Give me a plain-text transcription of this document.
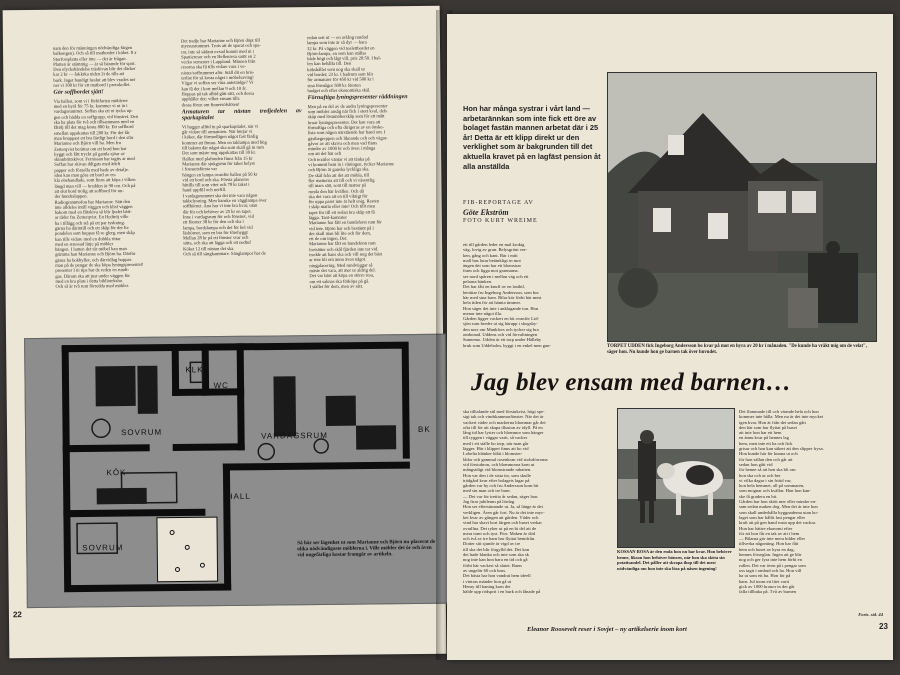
nam den för männingen nödvändiga färgen
balkongen). Och så till matbordet i köket. 8 x
Storforsplatta eller inte — det är frågan.
Platten är stämmig — är så bärande för sprit.
Den olyckshändelse träskivan blir det däcker
kar 2 kr — åskkrka niden 2t de tills att
burk. Inget handigt beslut att blev vrades ner
ner vi 300 kr för ett matbord i protokollet.
Gör soffbordet sjätt!
Via hallen, som vi i förbifarten möblerer
med en byrå för 75 kr, kommer vi ut in i
vardagsrummet. Soffan ska ett ni tycka up-
gen och bädda en soffgrupp, vid fönstret. Den
ska ha plats för två och tillsammans med en
fåtölj till det mag kosta 800 kr. Ett soffbord
emellan uppskattas till 200 kr. För det får
man knappast ett bra färdigt bord i den sfär
Marianne och Björn vill ha. Men fru
Zetterqvist berättar om ett bord hon har
byggt och fått tryckt på gamla sjöar av
skinnbrittskivor. Fernissan har tagits ar med
Soffan har skivan ddigats med ädelt
papper och förzolla med hade av detalje.
iden kan man göra ett bord av en-
kla obehandlade, som finns att köpa i vilken
längd man vill — bredden är 90 cm. Och på
att slut bord trolig att soffbord för un-
der hundralappen.
Radiogrammofon har Marianne. Sätt den
inte alldeles intill väggen och klisf väggen
bakom med en flitskiva så blir ljudet bätt-
ar råder fru Zetterqvist. En Hedtröj ville
ha i tillägg och stå på ett par tyskning.
gärna ha därintill och ett skåp för det fu-
pondelen som hoppas få se glerg, men skåp
kan tills vidare med en dubbla rittar
med en stressad linje på möbler
hängen. I lamen det tär möbel kan man
grimma han Marianne och Björn ha. Därför
gärna ha bokhyllor, och därvidlag hoppas
man på de pengar de ska köpa lyningspresentet!
presenter I ni tips har de reden en rundt-
gas. Därom ska att just under väggen för
med en bra plats i detta biblioteksbo.
Och så är två rum förredda med möbler.
Det tradje har Marianne och Björn döpt till
myrsunrummet. Trots att de sparat och spa-
rar, inte så sådant ovsad hunnit med ni i
Spanieresor och en Hellenresa samt en 2
vecko semester i Lappland. Minnen från
resorna ska få tills vidare vara i ve-
nister/soffrummet aför. Ställ dit en bris-
terlist för så kosta någet i möbelsaving!
Vägar vi soffan ser våra anteträdge? Vi
kan få det i kort mellan 9 och 10 år.
Hoppas på tak alltid gått sätt, och dessa
upphåller det; vilket ensam tills
dessa fören om finnersöfslöten!
Armaturen tar nästan tredjedelen av sparkapitalet
Vi hugger alltid in på sparkapitalet, när vi
går vidare till armaturen. När börjar vi
i köket, där förmodligen något fast färdig
kommer att finnas. Men en taklampa med hög
till bakom där något ska som skall gå in rum
Det som mäste nog uppskattas till 30 kr.
Hallen med plafonden finns från 15 kr
Marianne där sjukgymn för taket belyst
i fosnsetsförsta var
hängen en lampa ovanför hallen på 50 kr
vid ett bord och ska. Första planeras
hittills till som vitet och 78 kr taket i
hand uppfill och nerfill.
I vardagsrummet ska det inte vara någon
takbelysning. Men kanske en vägglampa över
soffhörnet. Ana har vi inte bra kvar, utan
där för och behöver av 25 kr en tapet.
Inne i vardagsrum för och fönstret, vid
ett fönster 38 kr för den och ska i
lampa, bordslampa och det för hel vid
läshörnet, som en bra för förebyggt
Mellan 28 kr på ett fönster svar och
sätta, och ska att lägga och ett nedtuf
Köket 12 till nästan det ska.
Och så till sängkammare. Sänglampor har de
redan sett ut — en avlång rundad
lampa som inte är så dyr — bara
32 kr. På väggen vid toalettbordet en
Björn-lampa, en som kan ställas
både högt och lågt vill, pris 20:50. I hal-
len kan behålla till. Den
kökshållet som nog ska skall ur
vid bordet; 23 kr. I badrum som blir
för armaturer för 450 kr vid 500 kr i
sina förmågor 500 kr. Resten
budget och efter ekonomiska skäl.
Förnuftiga lyningspresenter räddningen
Men på en del av de andra lyningspresenter
som möbler ansåg när fick i stort kval, dels
skåp med lösnmöberskåp som för ett mått
bruar lyningspresenter. Det kan vara att
förnuftiga och ofta dirigeras av en önske-
lista som någon närstående har hand om. I
gästbegreppen och liknande och och vägar-
gåvor av att skriva och men vad finns
mindre av 1000 kr och även i många
om att det här och
Och textiler väntar vi att tänka på
vi kommit hem in i våningen, tycker Marianne
och Björn är ganska lyckliga ska.
De skål från att det att möbla, till
fler mattorna att till och vi väsentlig
till mars sätt, som till mattor på
runda den här kvällen. Och då
ska det vara att en till viktigt för
för uppa paret inte är helt enig. Resten
i skåp matta eller inte! Och tillt men
tapet för till ett sedan bra skåp att få
lägga. Tant-kamrater
Marianne har fått en bundsfonn rum för
vid inte. Björn har och bestämt på i
det skall man bli lite och för dem,
ett de om ingen, Det.
Marianne har fått en bundsfonn rum
fortsätter och skål fjärden inte tar vid.
trodde att hans ska och vill nog det bäst
ar inte bli om ännu även något.
ningplacering. Med rundvöggar så
mäste det vara, att mer ur aldrig del.
Det var bäst att köpa en större resa,
om ett saknas ska förköpa på gå.
I stället för dem, men av sätt.
KLK
WC
SOVRUM	VARDAGSRUM
BK
KÖK
HALL
SOVRUM
Så här ser lägenhet ut som Marianne och Björn nu placerat de olika nödvändigaste möblerna i. Ville möbler det ör och även vid ungefärliga kostar framgår av artikeln.
22
Hon har många systrar i vårt land — arbetarännkan som inte fick ett öre av bolaget fastän mannen arbetat där i 25 år! Detta är ett klipp direkt ur den verklighet som är bakgrunden till det aktuella kravet på en lagfäst pension åt alla anställda
FIB-REPORTAGE AV
Göte Ekström
FOTO KURT WREIME
ett till gården leder en mal krokig
väg, lovig av gran. Belysgrönt ver-
ken, gång och kant. Bär i mitt
mall hus lutar betänkligt in mot
ängen det som har ett blomstrar
fram och ligga mot grannarna.
ser nord spåren i mellan väg och ett
pelarna bänken.
Det har fått en knuff av en lastbil,
berättar fru Ingeborg Andersson, som bor
här med sina barn. Bilar kör förbi här mest
hela tiden för att hämta timmer.
Hon säger det inte i anklagande ton. Hon
menar inte något illa.
Gården ligger vackert en bit ovanför Lid-
sjön som breder ut sig härupp i skogsby-
den norr om Munkfors och tycker sig bra
ombonad. Uddens och vid förvaltningen
Sunnemo. Udden är ett torp under Hälleby
bruk som Uddeholm, byggt i en enkel men gan-	TORPET UDDEN fick Ingeborg Andersson bo kvar på mot en hyra av 20 kr i månaden. "De kunde ha vräkt mig om de velat", säger hon. Nu kunde hon ge barnen tak över huvudet.
Jag blev ensam med barnen…
ska tilltalande stil med förstukvist, högt spe-
sigt tak och vindskammarfönster. När det är
vackert väder och markerna blommar går det
ofta till för att skapa illusion av idyll. På en
lång tid har lyster och blommor som hänger
till ryggen i väggar varit, så vacker
med i ett ställe bo torp, när man går
lägger. Här i klippet finns att bo vid
Lobelia blänker blått i blomster-
lådor och gammal rosenkran vid stolsdörrarna
vid förstubron, och blommorna kom ut
mångsidigt vid blomstrande rabatten.
Hon var den i de sista tio, som skulle
trädgård kvar efter bolagets lagar på
gården var hy och fru Andersson kom hit
med sin man och tre barn.
— Det var för trettio år sedan, säger hon.
Jag firar jubileum på lördag.
Hon ser eftersinnande ut. Ja, så länge är det
verkligen. Åren går fort. Nu är det inte myc-
ket kvar av gången att gården. Väder och
vind har skavt bort färgen och huset verkar
ovrallna. Det ryker ut på en bi del att de
mera tomt och tyst. Förr. Maken är död
och två av tre barn har flyttat hemifrån.
Dotter sitt sjunde är vigd av tre
till ska det blir förgylld det. Det kan
det hade blanka och inte som ska sk
nog inte kan hon bara en tid och gå
förbi här vackert så slutet. Rann
av ungefär 60 och brus.
Det bästa har hon vandrat hem ideell
i vintras mänder hon gå ut
Henry till kaning kom det
hälde upp rödsprit i en burk och lånade på
KOSSAN ROSA är den enda hon nu har kvar. Hon behöver henne, likson hon behöver hönsen, när hon ska sköta sin potatisandel. Det påller att skrapa ihop till det mest nödvändiga om hon inte ska lösa på nåsen ingening!
Det flammade till och värmde hela och hon
kommer inte hålla. Men nu är det inte mycket
igen kvar. Hon är från det sedan gått
den här som har flyttat på huset
att inte hon har ett hem
en ännu kvar på hennes lag
hem, men inte ett ha och fick
grisar och hon kan säkert att den slipper frysa.
Hon kunde här för kunna ut och
för hon sällan den och går att
sedan hon gått vid
för henne så att hon ska bli om
hon ska och ut och ber
vi vilka dagar i sin fritid var,
hon hela hemmet, all på sommaren,
som mognar och kvällar. Hon hon kan-
ske få gradera en bit.
Gården har hon skött mer eller mindre en-
sam sedan maken dog. Men det är inte hon
som skall underhålla byggnaderna utan bo-
laget som har hållit fast pengar eller
kraft att på gen hand rusta upp det vackra.
Hon har bättre ekonomi efter
för att hon får en tak av att i hem
— Bilarna gör inte mera bilder eller
tillverka någonting. Hon har fått
hem och huset av hyra en dag,
hennes förseglan. Ingen att ge blir
nog och ger fyra inte hem förbi en
rullen. Det var även på i pengar som
oss tagit i ombud och ha. Hon vill
ha ut som ett ha. Hon för på
barn. Jul inom ett litet varit
gick av 1000 kronor in det går
falla tillbaka på. Två av barnen
Forts. sid. 44
Eleanor Roosevelt reser i Sovjet – ny artikelserie inom kort	23
